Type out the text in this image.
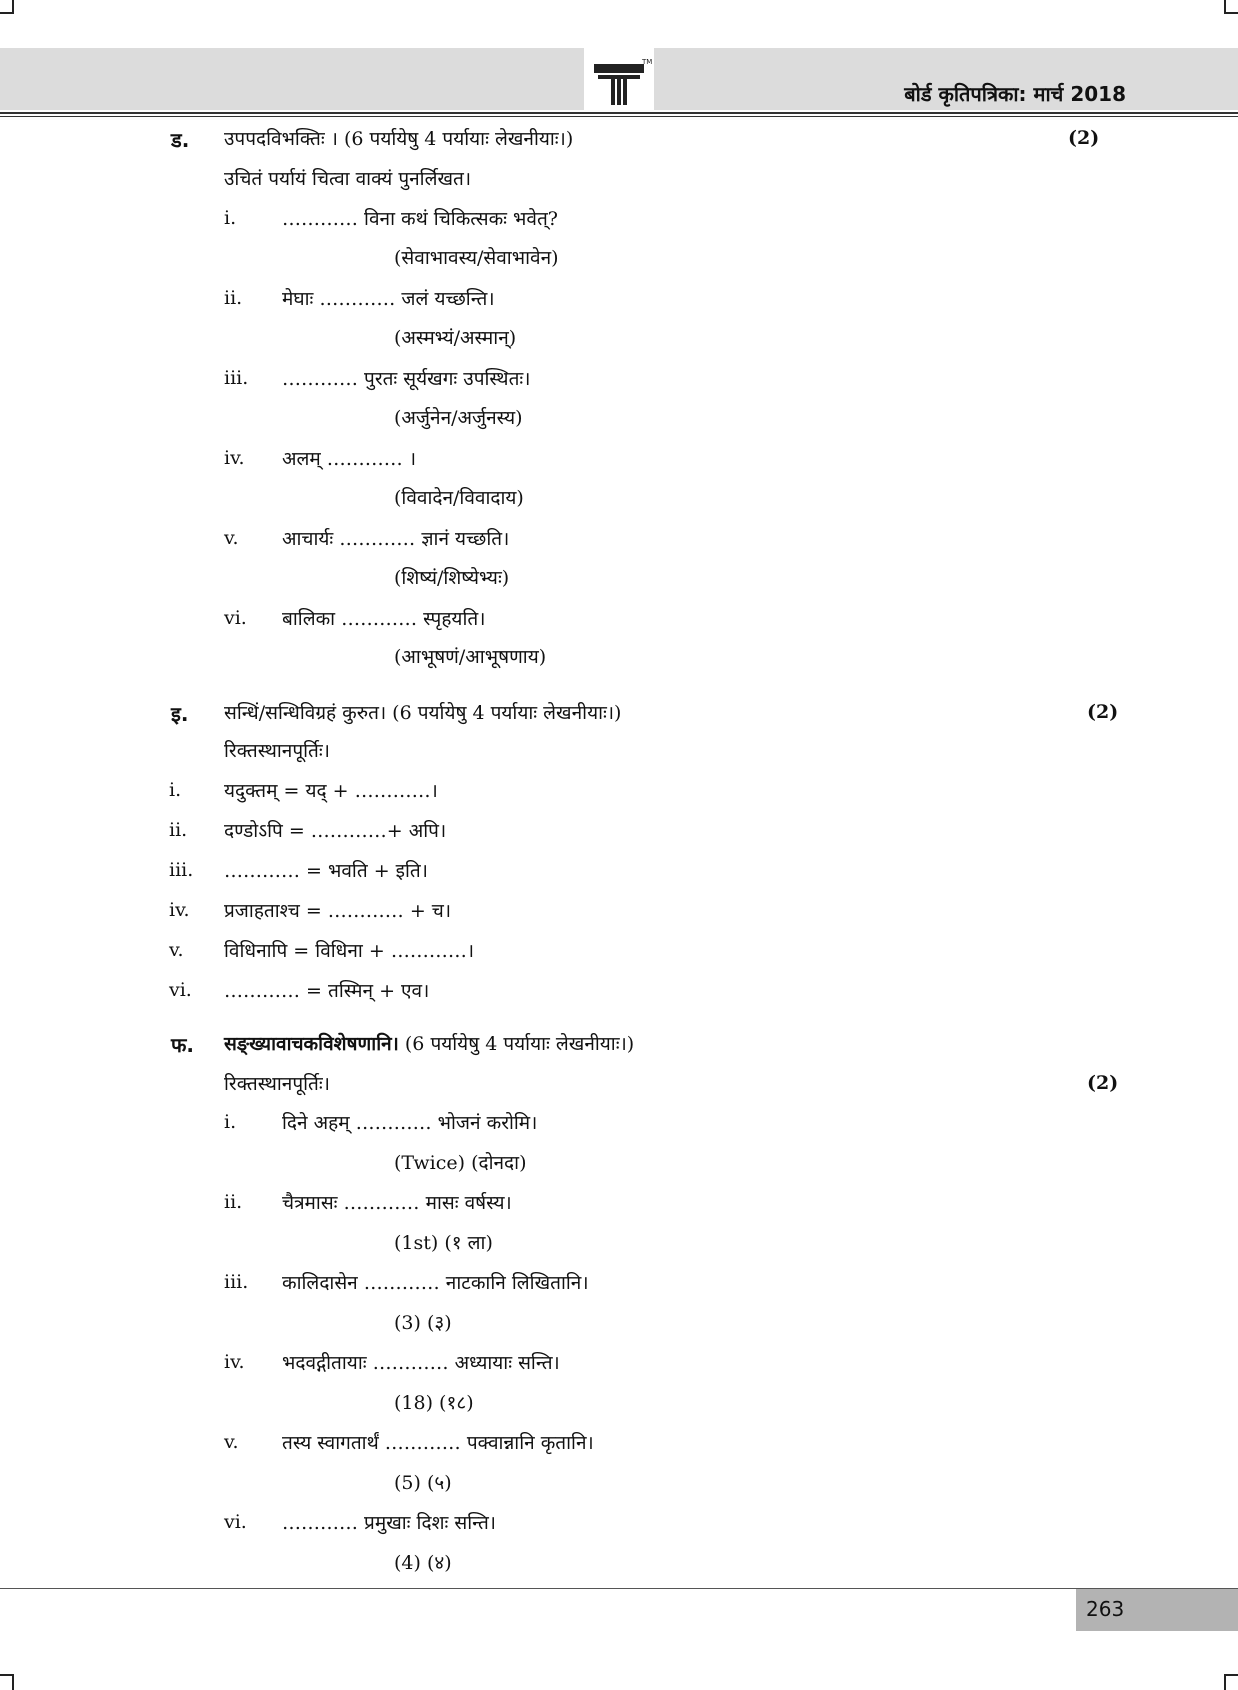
TM
बोर्ड कृतिपत्रिका: मार्च 2018
ड. उपपदविभक्तिः । (6 पर्यायेषु 4 पर्यायाः लेखनीयाः।)	(2)
उचितं पर्यायं चित्वा वाक्यं पुनर्लिखत।
i. ………… विना कथं चिकित्सकः भवेत्?
(सेवाभावस्य/सेवाभावेन)
ii. मेघाः ………… जलं यच्छन्ति।
(अस्मभ्यं/अस्मान्)
iii. ………… पुरतः सूर्यखगः उपस्थितः।
(अर्जुनेन/अर्जुनस्य)
iv. अलम् ………… ।
(विवादेन/विवादाय)
v. आचार्यः ………… ज्ञानं यच्छति।
(शिष्यं/शिष्येभ्यः)
vi. बालिका ………… स्पृहयति।
(आभूषणं/आभूषणाय)
इ. सन्धिं/सन्धिविग्रहं कुरुत। (6 पर्यायेषु 4 पर्यायाः लेखनीयाः।)	(2)
रिक्तस्थानपूर्तिः।
i. यदुक्तम् = यद् + …………।
ii. दण्डोऽपि = …………+ अपि।
iii. ………… = भवति + इति।
iv. प्रजाहताश्च = ………… + च।
v. विधिनापि = विधिना + …………।
vi. ………… = तस्मिन् + एव।
फ. सङ्ख्यावाचकविशेषणानि। (6 पर्यायेषु 4 पर्यायाः लेखनीयाः।)
रिक्तस्थानपूर्तिः।	(2)
i. दिने अहम् ………… भोजनं करोमि।
(Twice) (दोनदा)
ii. चैत्रमासः ………… मासः वर्षस्य।
(1st) (१ ला)
iii. कालिदासेन ………… नाटकानि लिखितानि।
(3) (३)
iv. भदवद्गीतायाः ………… अध्यायाः सन्ति।
(18) (१८)
v. तस्य स्वागतार्थं ………… पक्वान्नानि कृतानि।
(5) (५)
vi. ………… प्रमुखाः दिशः सन्ति।
(4) (४)
263
